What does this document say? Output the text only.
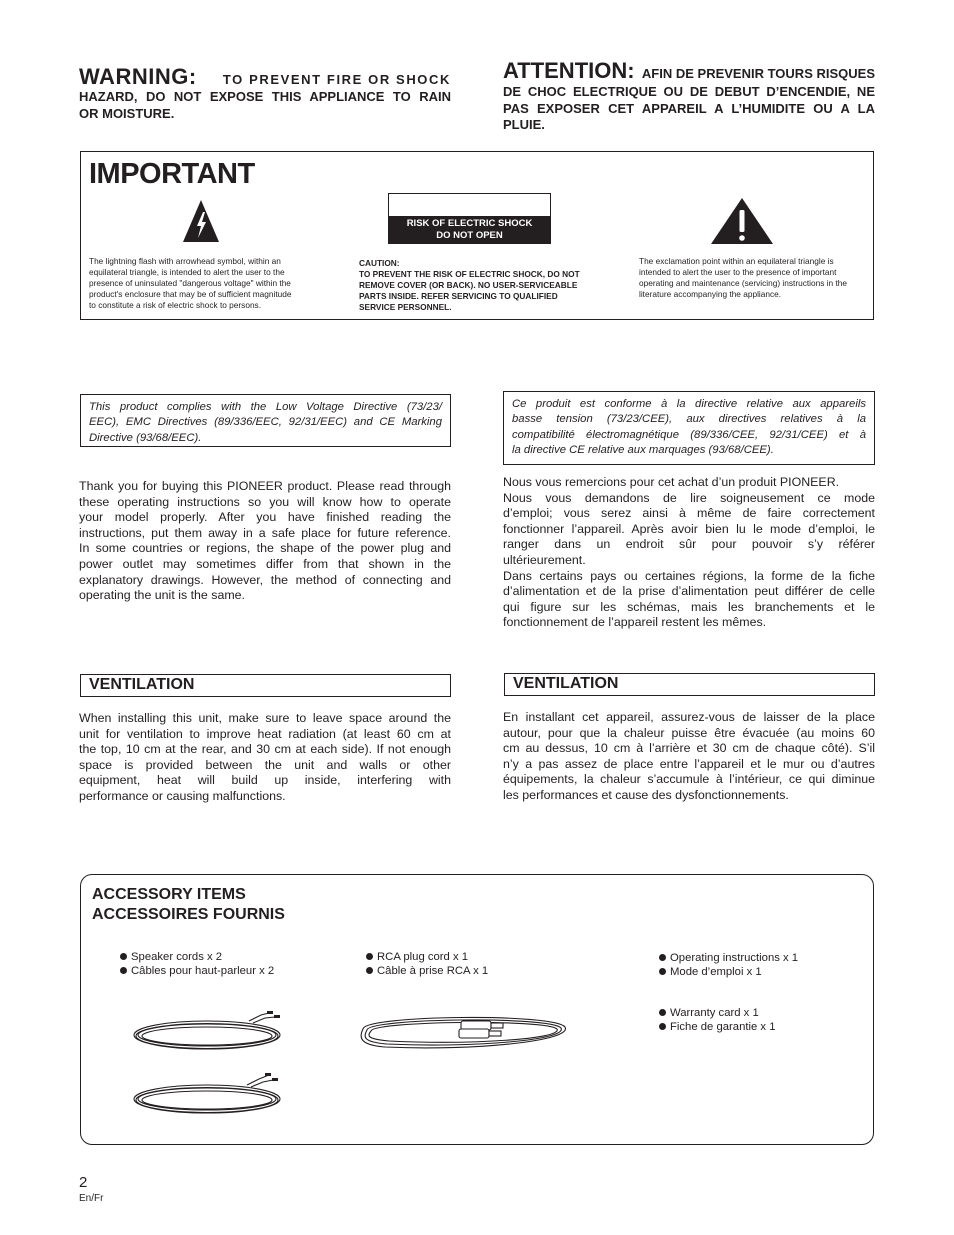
WARNING: TO PREVENT FIRE OR SHOCK
HAZARD, DO NOT EXPOSE THIS APPLIANCE TO RAIN
OR MOISTURE.
ATTENTION: AFIN DE PREVENIR TOURS RISQUES
DE CHOC ELECTRIQUE OU DE DEBUT D’ENCENDIE, NE
PAS EXPOSER CET APPAREIL A L’HUMIDITE OU A LA
PLUIE.
IMPORTANT
The lightning flash with arrowhead symbol, within an
equilateral triangle, is intended to alert the user to the
presence of uninsulated "dangerous voltage" within the
product's enclosure that may be of sufficient magnitude
to constitute a risk of electric shock to persons.
RISK OF ELECTRIC SHOCK
DO NOT OPEN
CAUTION:
TO PREVENT THE RISK OF ELECTRIC SHOCK, DO NOT
REMOVE COVER (OR BACK). NO USER-SERVICEABLE
PARTS INSIDE. REFER SERVICING TO QUALIFIED
SERVICE PERSONNEL.
The exclamation point within an equilateral triangle is
intended to alert the user to the presence of important
operating and maintenance (servicing) instructions in the
literature accompanying the appliance.
This product complies with the Low Voltage Directive (73/23/
EEC), EMC Directives (89/336/EEC, 92/31/EEC) and CE Marking
Directive (93/68/EEC).
Ce produit est conforme à la directive relative aux appareils
basse tension (73/23/CEE), aux directives relatives à la
compatibilité électromagnétique (89/336/CEE, 92/31/CEE) et à
la directive CE relative aux marquages (93/68/CEE).
Thank you for buying this PIONEER product. Please read through
these operating instructions so you will know how to operate
your model properly. After you have finished reading the
instructions, put them away in a safe place for future reference.
In some countries or regions, the shape of the power plug and
power outlet may sometimes differ from that shown in the
explanatory drawings. However, the method of connecting and
operating the unit is the same.
Nous vous remercions pour cet achat d’un produit PIONEER.
Nous vous demandons de lire soigneusement ce mode
d’emploi; vous serez ainsi à même de faire correctement
fonctionner l’appareil. Après avoir bien lu le mode d’emploi, le
ranger dans un endroit sûr pour pouvoir s’y référer
ultérieurement.
Dans certains pays ou certaines régions, la forme de la fiche
d’alimentation et de la prise d’alimentation peut différer de celle
qui figure sur les schémas, mais les branchements et le
fonctionnement de l’appareil restent les mêmes.
VENTILATION	VENTILATION
When installing this unit, make sure to leave space around the
unit for ventilation to improve heat radiation (at least 60 cm at
the top, 10 cm at the rear, and 30 cm at each side). If not enough
space is provided between the unit and walls or other
equipment, heat will build up inside, interfering with
performance or causing malfunctions.
En installant cet appareil, assurez-vous de laisser de la place
autour, pour que la chaleur puisse être évacuée (au moins 60
cm au dessus, 10 cm à l’arrière et 30 cm de chaque côté). S’il
n’y a pas assez de place entre l’appareil et le mur ou d’autres
équipements, la chaleur s’accumule à l’intérieur, ce qui diminue
les performances et cause des dysfonctionnements.
ACCESSORY ITEMS
ACCESSOIRES FOURNIS
Speaker cords x 2
Câbles pour haut-parleur x 2
RCA plug cord x 1
Câble à prise RCA x 1
Operating instructions x 1
Mode d’emploi x 1
Warranty card x 1
Fiche de garantie x 1
2
En/Fr
